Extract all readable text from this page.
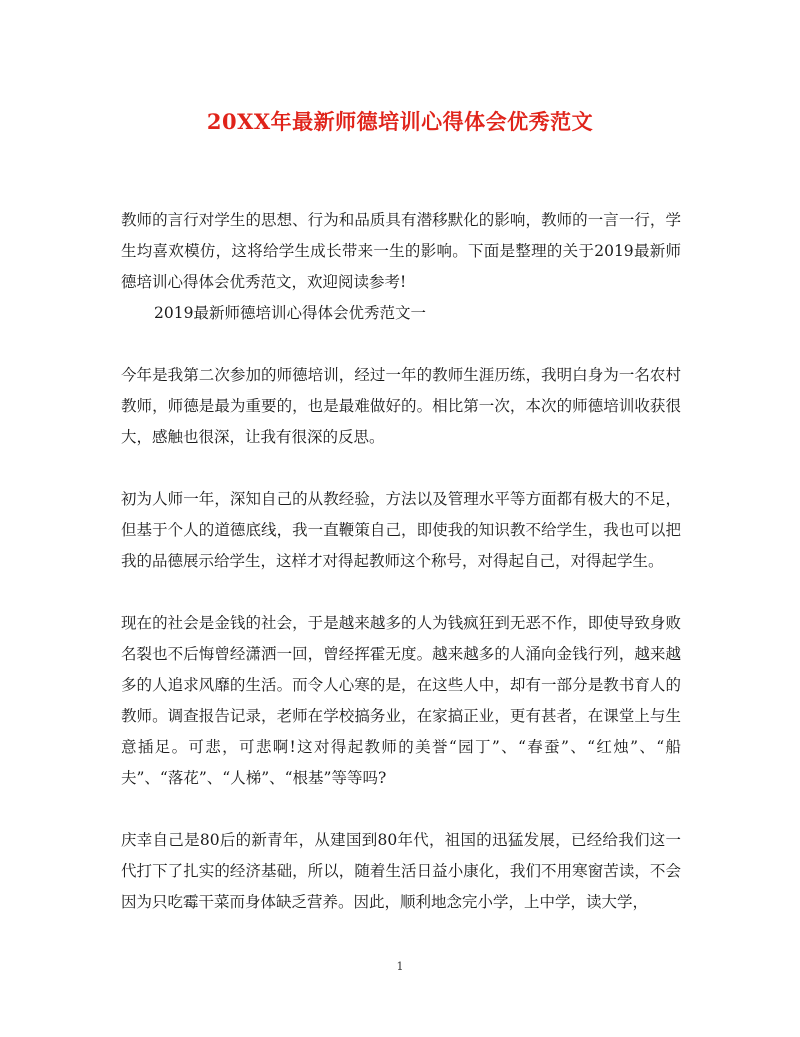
20XX年最新师德培训心得体会优秀范文

教师的言行对学生的思想、行为和品质具有潜移默化的影响，教师的一言一行，学生均喜欢模仿，这将给学生成长带来一生的影响。下面是整理的关于2019最新师德培训心得体会优秀范文，欢迎阅读参考!

2019最新师德培训心得体会优秀范文一

今年是我第二次参加的师德培训，经过一年的教师生涯历练，我明白身为一名农村教师，师德是最为重要的，也是最难做好的。相比第一次，本次的师德培训收获很大，感触也很深，让我有很深的反思。

初为人师一年，深知自己的从教经验，方法以及管理水平等方面都有极大的不足，但基于个人的道德底线，我一直鞭策自己，即使我的知识教不给学生，我也可以把我的品德展示给学生，这样才对得起教师这个称号，对得起自己，对得起学生。

现在的社会是金钱的社会，于是越来越多的人为钱疯狂到无恶不作，即使导致身败名裂也不后悔曾经潇洒一回，曾经挥霍无度。越来越多的人涌向金钱行列，越来越多的人追求风靡的生活。而令人心寒的是，在这些人中，却有一部分是教书育人的教师。调查报告记录，老师在学校搞务业，在家搞正业，更有甚者，在课堂上与生意插足。可悲，可悲啊!这对得起教师的美誉“园丁”、“春蚕”、“红烛”、“船夫”、“落花”、“人梯”、“根基”等等吗?

庆幸自己是80后的新青年，从建国到80年代，祖国的迅猛发展，已经给我们这一代打下了扎实的经济基础，所以，随着生活日益小康化，我们不用寒窗苦读，不会因为只吃霉干菜而身体缺乏营养。因此，顺利地念完小学，上中学，读大学，

1
